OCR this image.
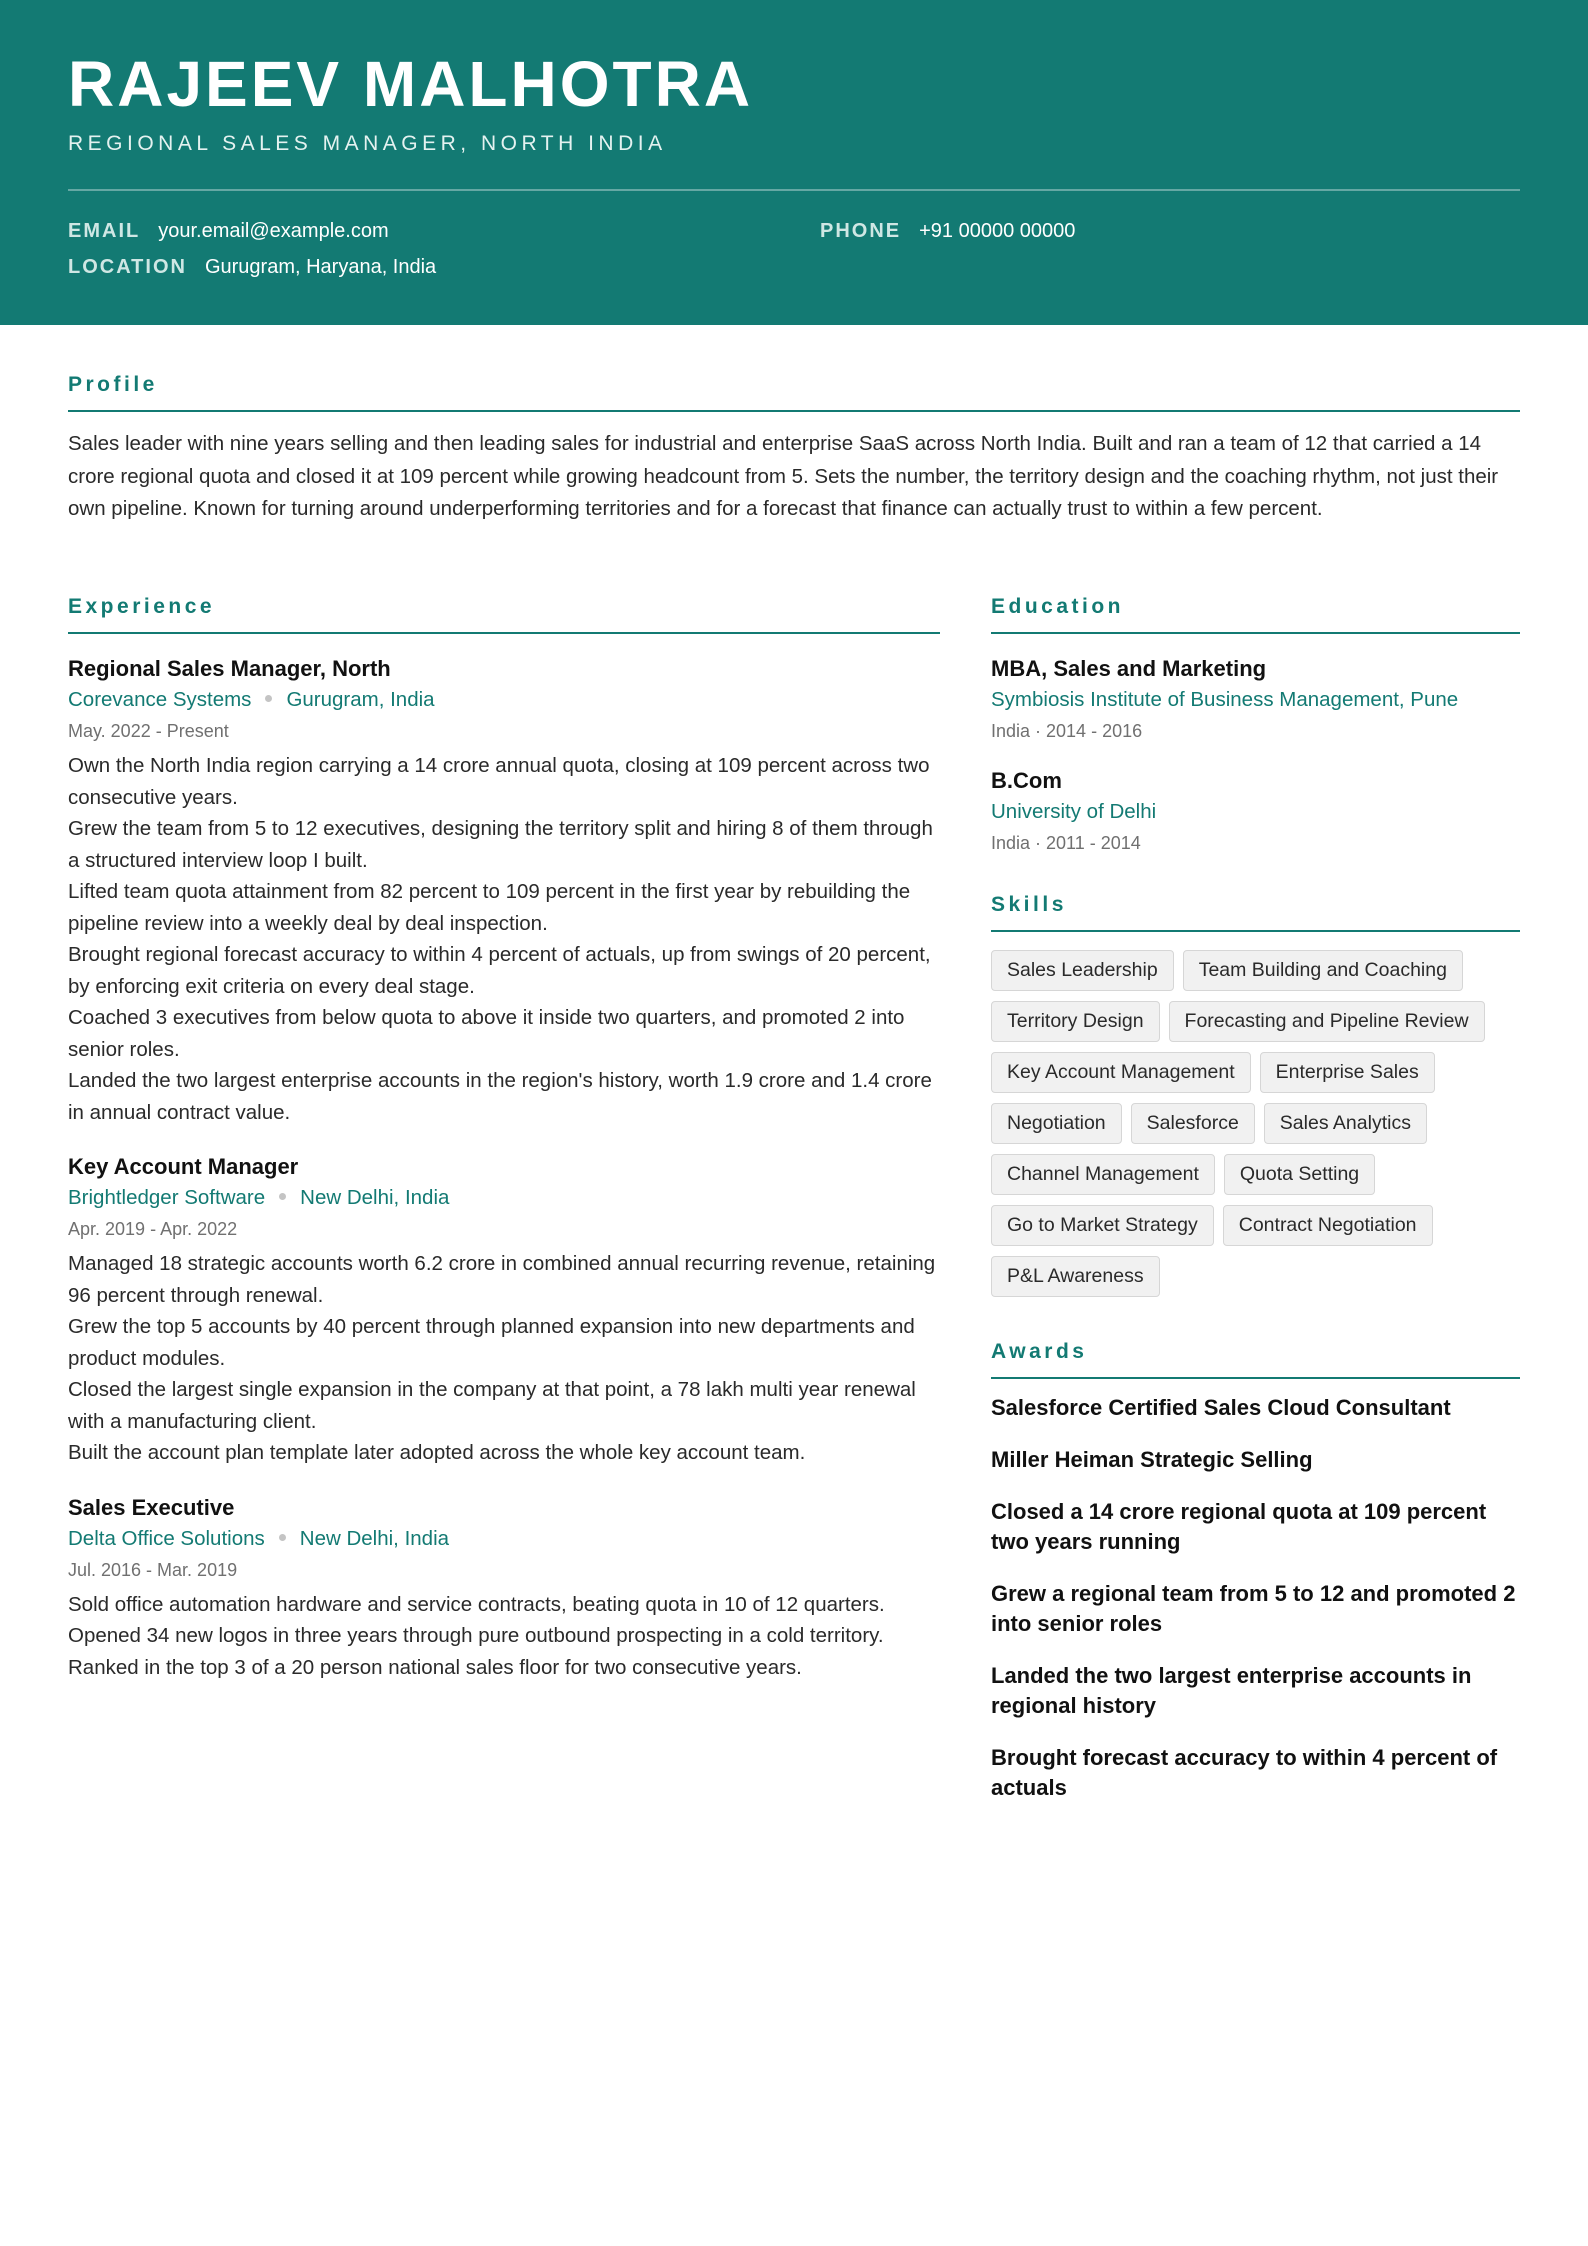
RAJEEV MALHOTRA
REGIONAL SALES MANAGER, NORTH INDIA
EMAIL your.email@example.com	PHONE +91 00000 00000
LOCATION Gurugram, Haryana, India
Profile
Sales leader with nine years selling and then leading sales for industrial and enterprise SaaS across North India. Built and ran a team of 12 that carried a 14 crore regional quota and closed it at 109 percent while growing headcount from 5. Sets the number, the territory design and the coaching rhythm, not just their own pipeline. Known for turning around underperforming territories and for a forecast that finance can actually trust to within a few percent.
Experience
Regional Sales Manager, North
Corevance Systems Gurugram, India
May. 2022 - Present
Own the North India region carrying a 14 crore annual quota, closing at 109 percent across two consecutive years.
Grew the team from 5 to 12 executives, designing the territory split and hiring 8 of them through a structured interview loop I built.
Lifted team quota attainment from 82 percent to 109 percent in the first year by rebuilding the pipeline review into a weekly deal by deal inspection.
Brought regional forecast accuracy to within 4 percent of actuals, up from swings of 20 percent, by enforcing exit criteria on every deal stage.
Coached 3 executives from below quota to above it inside two quarters, and promoted 2 into senior roles.
Landed the two largest enterprise accounts in the region's history, worth 1.9 crore and 1.4 crore in annual contract value.
Key Account Manager
Brightledger Software New Delhi, India
Apr. 2019 - Apr. 2022
Managed 18 strategic accounts worth 6.2 crore in combined annual recurring revenue, retaining 96 percent through renewal.
Grew the top 5 accounts by 40 percent through planned expansion into new departments and product modules.
Closed the largest single expansion in the company at that point, a 78 lakh multi year renewal with a manufacturing client.
Built the account plan template later adopted across the whole key account team.
Sales Executive
Delta Office Solutions New Delhi, India
Jul. 2016 - Mar. 2019
Sold office automation hardware and service contracts, beating quota in 10 of 12 quarters.
Opened 34 new logos in three years through pure outbound prospecting in a cold territory.
Ranked in the top 3 of a 20 person national sales floor for two consecutive years.
Education
MBA, Sales and Marketing
Symbiosis Institute of Business Management, Pune
India · 2014 - 2016
B.Com
University of Delhi
India · 2011 - 2014
Skills
Sales Leadership	Team Building and Coaching
Territory Design	Forecasting and Pipeline Review
Key Account Management	Enterprise Sales
Negotiation	Salesforce	Sales Analytics
Channel Management	Quota Setting
Go to Market Strategy	Contract Negotiation
P&L Awareness
Awards
Salesforce Certified Sales Cloud Consultant
Miller Heiman Strategic Selling
Closed a 14 crore regional quota at 109 percent two years running
Grew a regional team from 5 to 12 and promoted 2 into senior roles
Landed the two largest enterprise accounts in regional history
Brought forecast accuracy to within 4 percent of actuals
